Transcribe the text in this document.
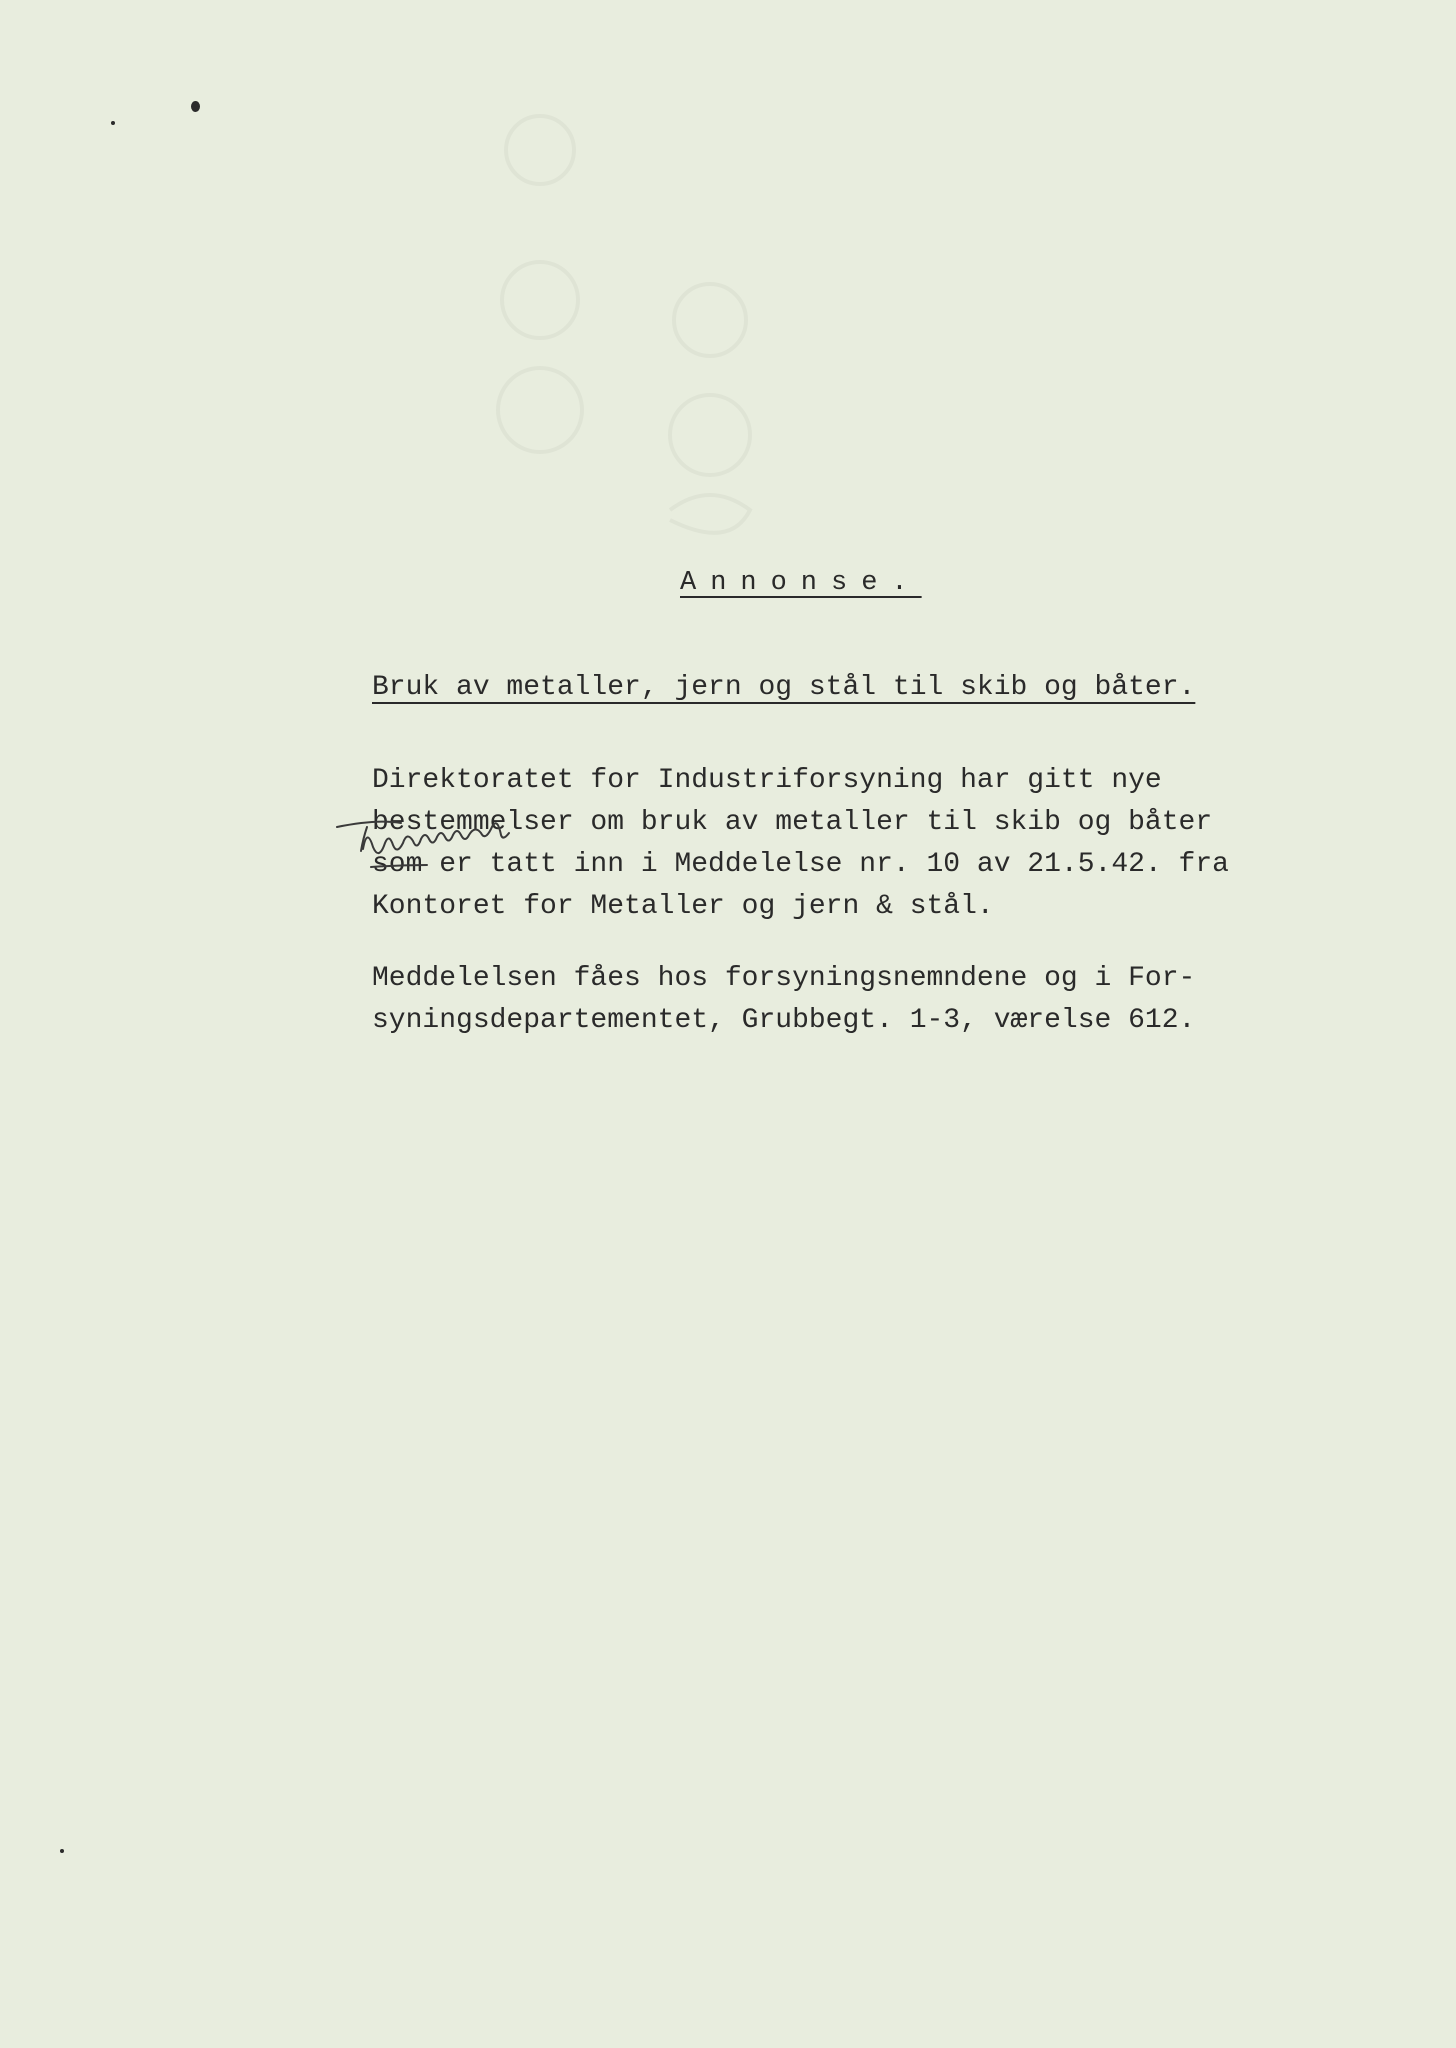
Annonse.
Bruk av metaller, jern og stål til skib og båter.
Direktoratet for Industriforsyning har gitt nye
bestemmelser om bruk av metaller til skib og båter
som er tatt inn i Meddelelse nr. 10 av 21.5.42. fra
Kontoret for Metaller og jern & stål.
Meddelelsen fåes hos forsyningsnemndene og i For-
syningsdepartementet, Grubbegt. 1-3, værelse 612.
